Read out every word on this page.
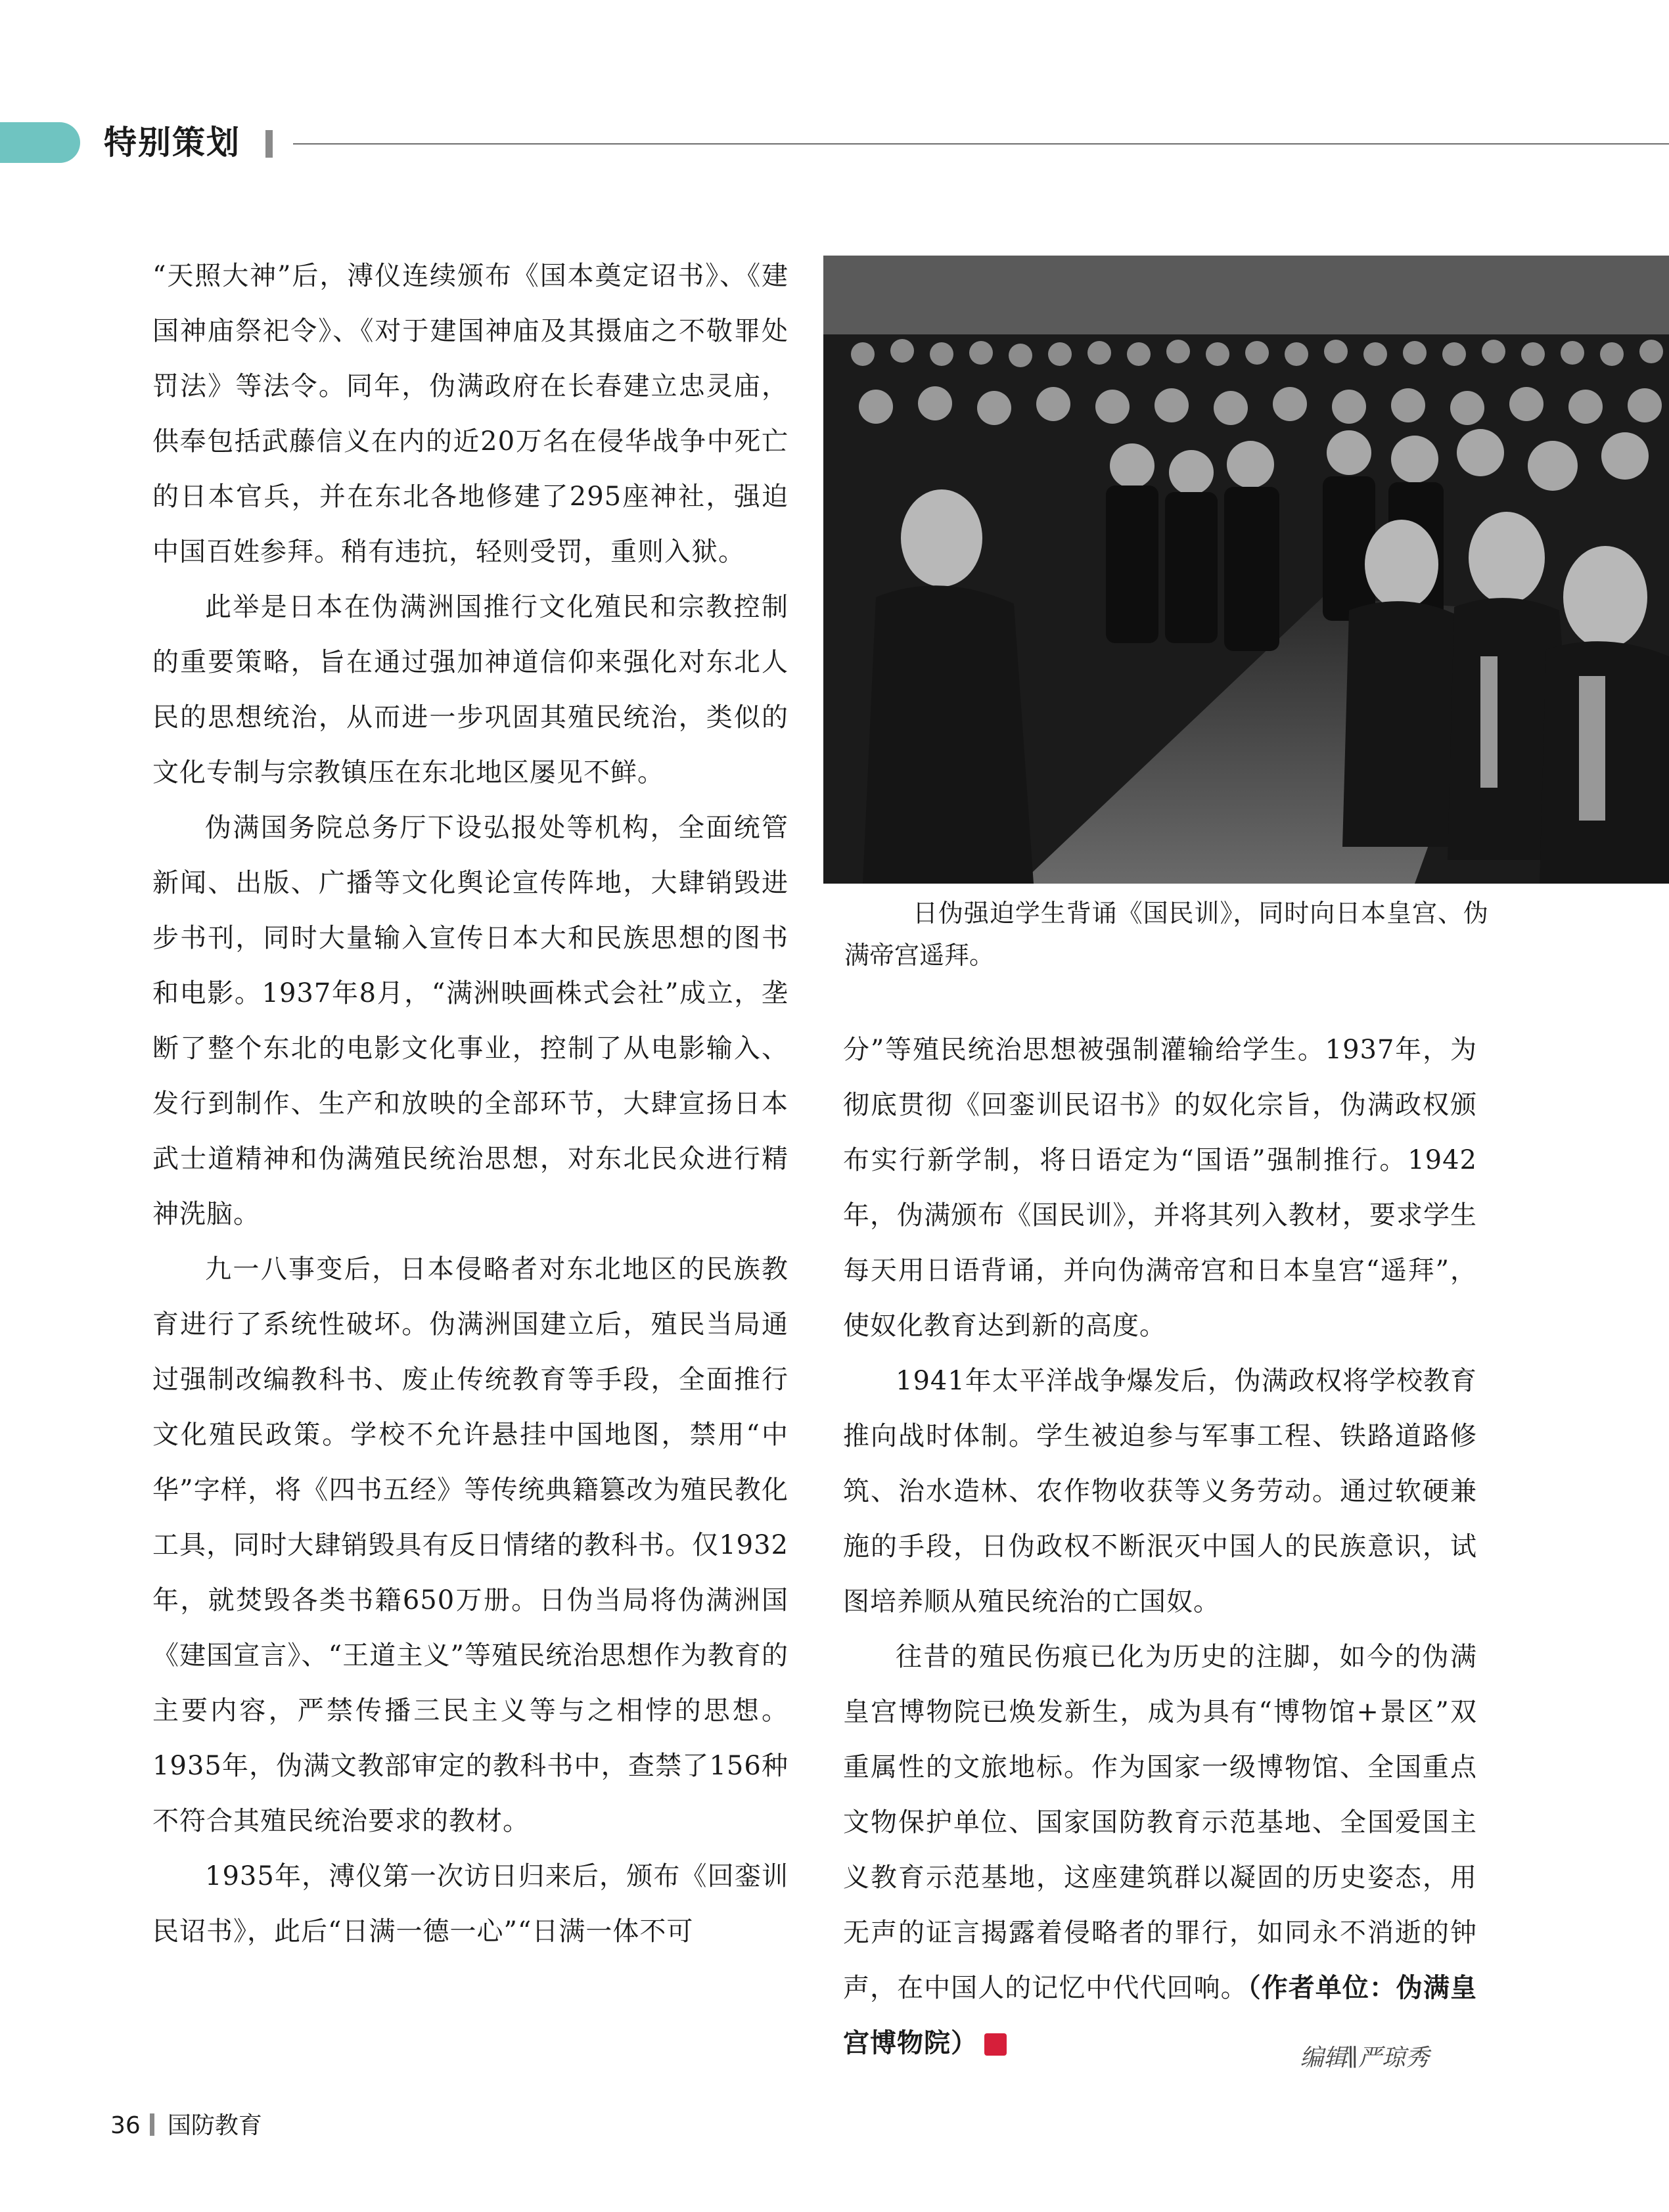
特别策划

“天照大神”后，溥仪连续颁布《国本奠定诏书》、《建国神庙祭祀令》、《对于建国神庙及其摄庙之不敬罪处罚法》等法令。同年，伪满政府在长春建立忠灵庙，供奉包括武藤信义在内的近20万名在侵华战争中死亡的日本官兵，并在东北各地修建了295座神社，强迫中国百姓参拜。稍有违抗，轻则受罚，重则入狱。

此举是日本在伪满洲国推行文化殖民和宗教控制的重要策略，旨在通过强加神道信仰来强化对东北人民的思想统治，从而进一步巩固其殖民统治，类似的文化专制与宗教镇压在东北地区屡见不鲜。

伪满国务院总务厅下设弘报处等机构，全面统管新闻、出版、广播等文化舆论宣传阵地，大肆销毁进步书刊，同时大量输入宣传日本大和民族思想的图书和电影。1937年8月，“满洲映画株式会社”成立，垄断了整个东北的电影文化事业，控制了从电影输入、发行到制作、生产和放映的全部环节，大肆宣扬日本武士道精神和伪满殖民统治思想，对东北民众进行精神洗脑。

九一八事变后，日本侵略者对东北地区的民族教育进行了系统性破坏。伪满洲国建立后，殖民当局通过强制改编教科书、废止传统教育等手段，全面推行文化殖民政策。学校不允许悬挂中国地图，禁用“中华”字样，将《四书五经》等传统典籍篡改为殖民教化工具，同时大肆销毁具有反日情绪的教科书。仅1932年，就焚毁各类书籍650万册。日伪当局将伪满洲国《建国宣言》、“王道主义”等殖民统治思想作为教育的主要内容，严禁传播三民主义等与之相悖的思想。1935年，伪满文教部审定的教科书中，查禁了156种不符合其殖民统治要求的教材。

1935年，溥仪第一次访日归来后，颁布《回銮训民诏书》，此后“日满一德一心”“日满一体不可

日伪强迫学生背诵《国民训》，同时向日本皇宫、伪满帝宫遥拜。

分”等殖民统治思想被强制灌输给学生。1937年，为彻底贯彻《回銮训民诏书》的奴化宗旨，伪满政权颁布实行新学制，将日语定为“国语”强制推行。1942年，伪满颁布《国民训》，并将其列入教材，要求学生每天用日语背诵，并向伪满帝宫和日本皇宫“遥拜”，使奴化教育达到新的高度。

1941年太平洋战争爆发后，伪满政权将学校教育推向战时体制。学生被迫参与军事工程、铁路道路修筑、治水造林、农作物收获等义务劳动。通过软硬兼施的手段，日伪政权不断泯灭中国人的民族意识，试图培养顺从殖民统治的亡国奴。

往昔的殖民伤痕已化为历史的注脚，如今的伪满皇宫博物院已焕发新生，成为具有“博物馆+景区”双重属性的文旅地标。作为国家一级博物馆、全国重点文物保护单位、国家国防教育示范基地、全国爱国主义教育示范基地，这座建筑群以凝固的历史姿态，用无声的证言揭露着侵略者的罪行，如同永不消逝的钟声，在中国人的记忆中代代回响。（作者单位：伪满皇宫博物院）	G

编辑∥严琼秀
36 国防教育
